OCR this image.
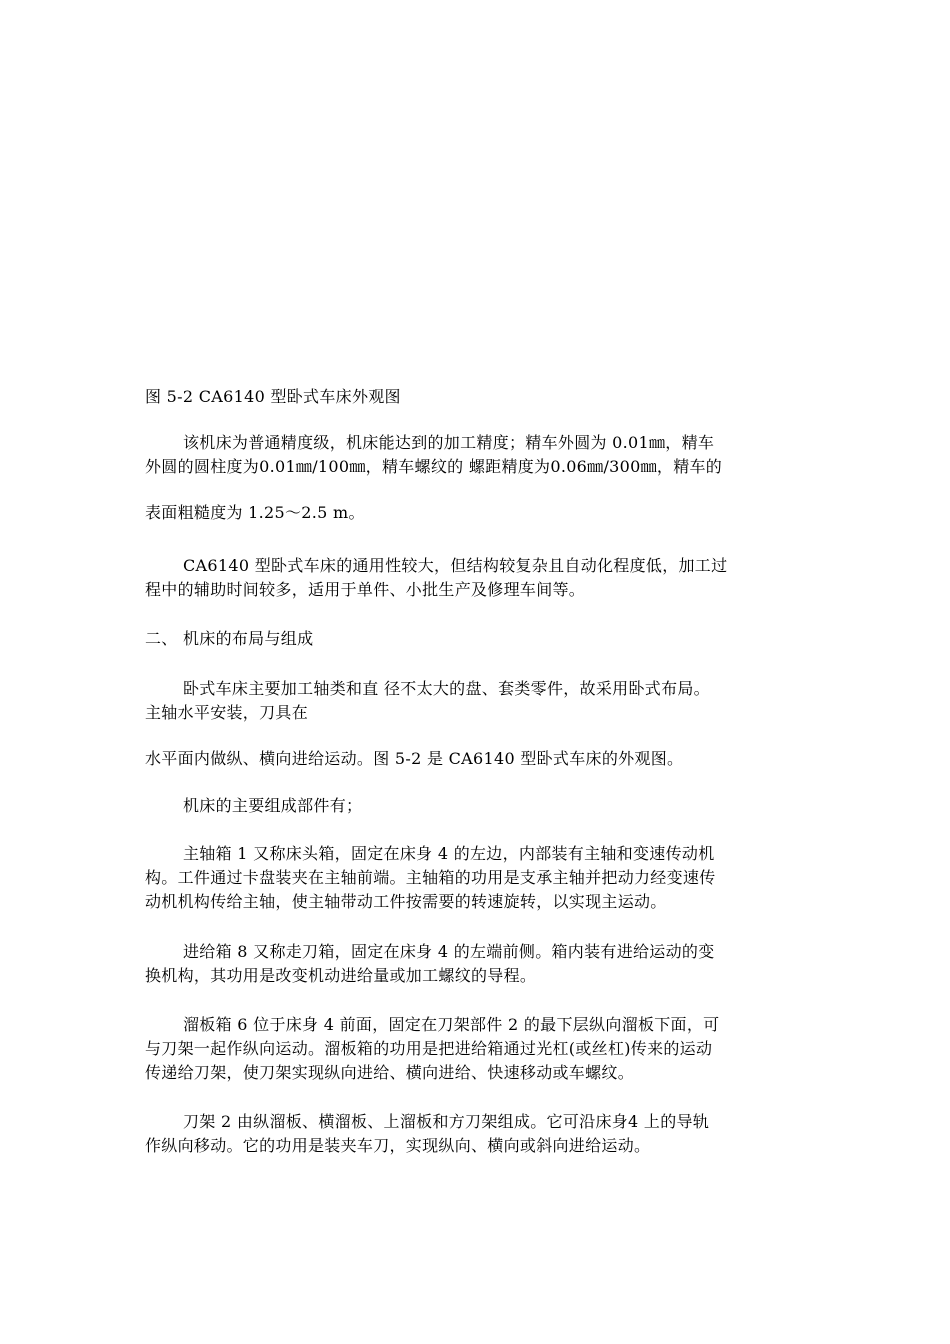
图 5-2 CA6140 型卧式车床外观图
该机床为普通精度级，机床能达到的加工精度；精车外圆为 0.01㎜，精车
外圆的圆柱度为0.01㎜/100㎜，精车螺纹的 螺距精度为0.06㎜/300㎜，精车的
表面粗糙度为 1.25～2.5 m。
CA6140 型卧式车床的通用性较大，但结构较复杂且自动化程度低，加工过
程中的辅助时间较多，适用于单件、小批生产及修理车间等。
二、 机床的布局与组成
卧式车床主要加工轴类和直 径不太大的盘、套类零件，故采用卧式布局。
主轴水平安装，刀具在
水平面内做纵、横向进给运动。图 5-2 是 CA6140 型卧式车床的外观图。
机床的主要组成部件有；
主轴箱 1 又称床头箱，固定在床身 4 的左边，内部装有主轴和变速传动机
构。工件通过卡盘装夹在主轴前端。主轴箱的功用是支承主轴并把动力经变速传
动机机构传给主轴，使主轴带动工件按需要的转速旋转，以实现主运动。
进给箱 8 又称走刀箱，固定在床身 4 的左端前侧。箱内装有进给运动的变
换机构，其功用是改变机动进给量或加工螺纹的导程。
溜板箱 6 位于床身 4 前面，固定在刀架部件 2 的最下层纵向溜板下面，可
与刀架一起作纵向运动。溜板箱的功用是把进给箱通过光杠(或丝杠)传来的运动
传递给刀架，使刀架实现纵向进给、横向进给、快速移动或车螺纹。
刀架 2 由纵溜板、横溜板、上溜板和方刀架组成。它可沿床身4 上的导轨
作纵向移动。它的功用是装夹车刀，实现纵向、横向或斜向进给运动。
